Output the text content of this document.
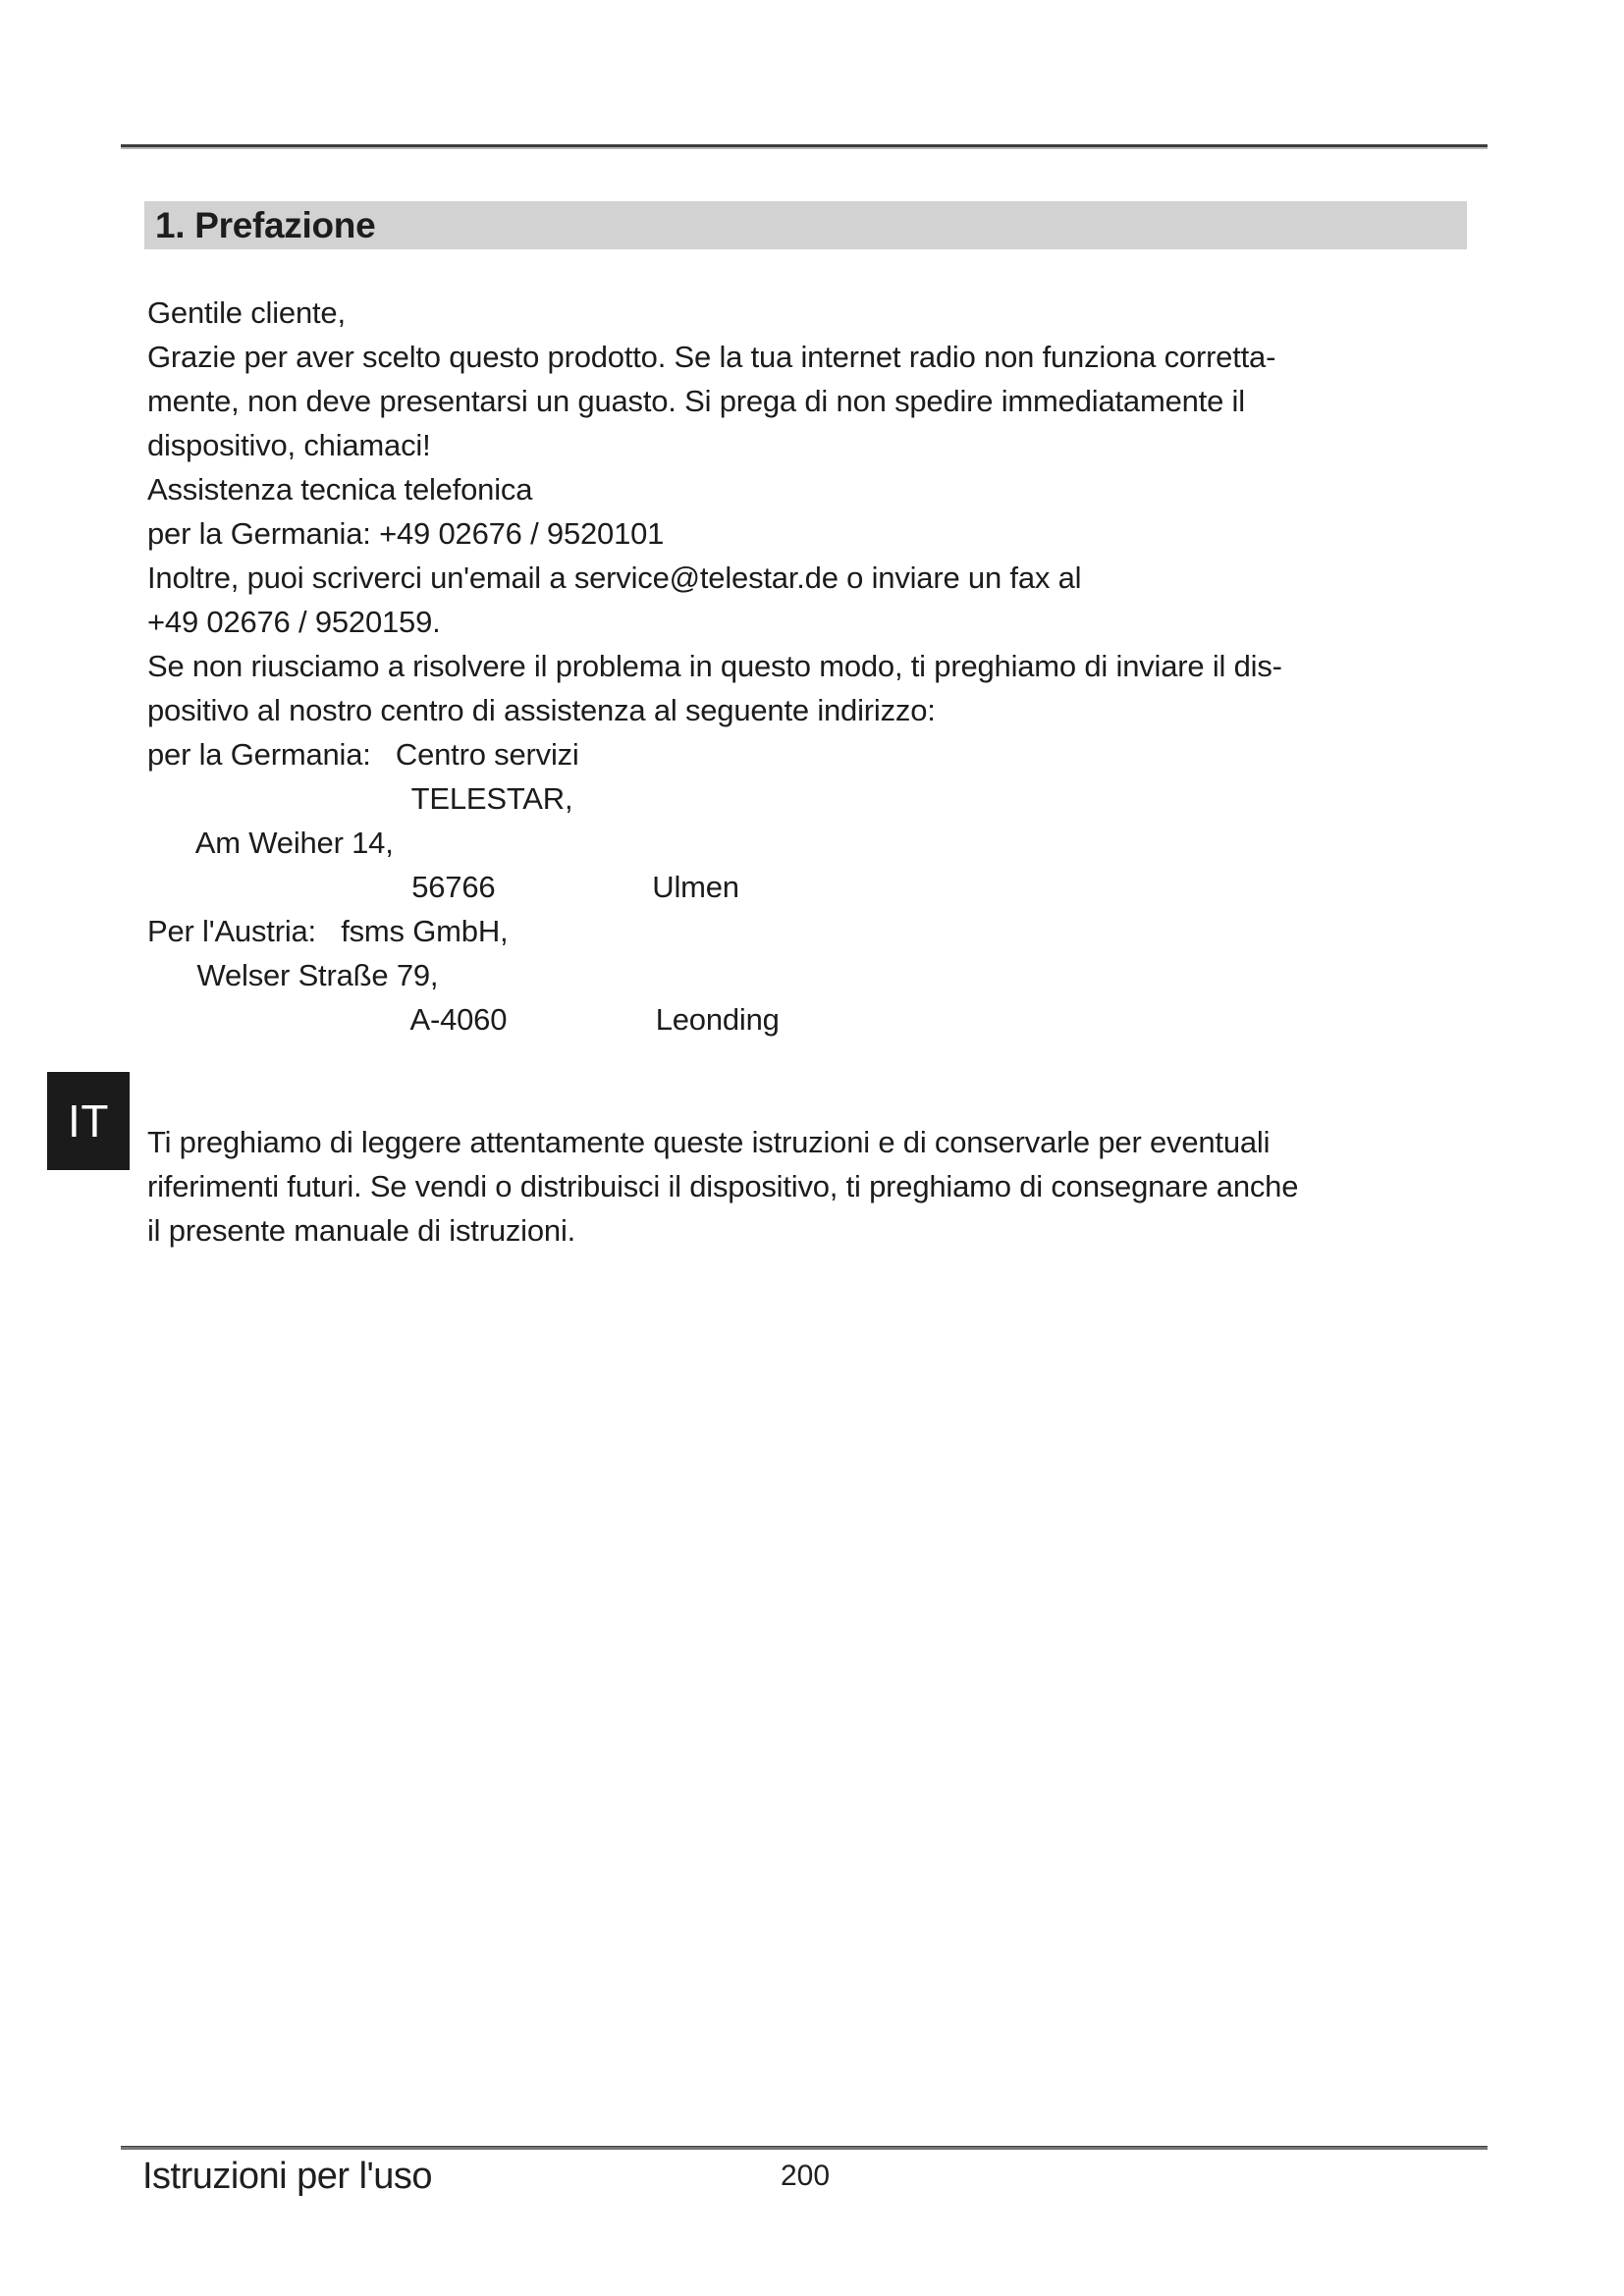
1. Prefazione
Gentile cliente,
Grazie per aver scelto questo prodotto. Se la tua internet radio non funziona corretta-
mente, non deve presentarsi un guasto. Si prega di non spedire immediatamente il
dispositivo, chiamaci!
Assistenza tecnica telefonica
per la Germania: +49 02676 / 9520101
Inoltre, puoi scriverci un'email a service@telestar.de o inviare un fax al
+49 02676 / 9520159.
Se non riusciamo a risolvere il problema in questo modo, ti preghiamo di inviare il dis-
positivo al nostro centro di assistenza al seguente indirizzo:
per la Germania:   Centro servizi
TELESTAR,
Am Weiher 14,
56766                   Ulmen
Per l'Austria:   fsms GmbH,
Welser Straße 79,
A-4060                  Leonding
IT Ti preghiamo di leggere attentamente queste istruzioni e di conservarle per eventuali
riferimenti futuri. Se vendi o distribuisci il dispositivo, ti preghiamo di consegnare anche
il presente manuale di istruzioni.
Istruzioni per l'uso	200
